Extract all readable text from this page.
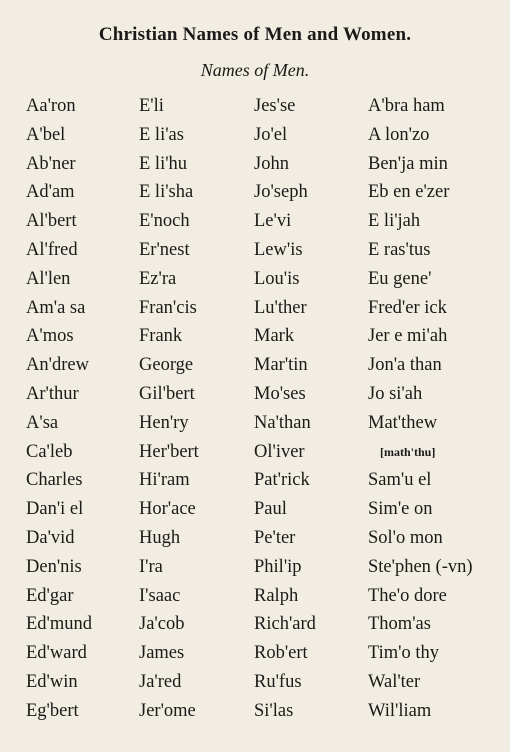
Christian Names of Men and Women.
Names of Men.
Aa'ron
A'bel
Ab'ner
Ad'am
Al'bert
Al'fred
Al'len
Am'a sa
A'mos
An'drew
Ar'thur
A'sa
Ca'leb
Charles
Dan'i el
Da'vid
Den'nis
Ed'gar
Ed'mund
Ed'ward
Ed'win
Eg'bert
E'li
E li'as
E li'hu
E li'sha
E'noch
Er'nest
Ez'ra
Fran'cis
Frank
George
Gil'bert
Hen'ry
Her'bert
Hi'ram
Hor'ace
Hugh
I'ra
I'saac
Ja'cob
James
Ja'red
Jer'ome
Jes'se
Jo'el
John
Jo'seph
Le'vi
Lew'is
Lou'is
Lu'ther
Mark
Mar'tin
Mo'ses
Na'than
Ol'iver
Pat'rick
Paul
Pe'ter
Phil'ip
Ralph
Rich'ard
Rob'ert
Ru'fus
Si'las
A'bra ham
A lon'zo
Ben'ja min
Eb en e'zer
E li'jah
E ras'tus
Eu gene'
Fred'er ick
Jer e mi'ah
Jon'a than
Jo si'ah
Mat'thew
[math'thu]
Sam'u el
Sim'e on
Sol'o mon
Ste'phen (-vn)
The'o dore
Thom'as
Tim'o thy
Wal'ter
Wil'liam
